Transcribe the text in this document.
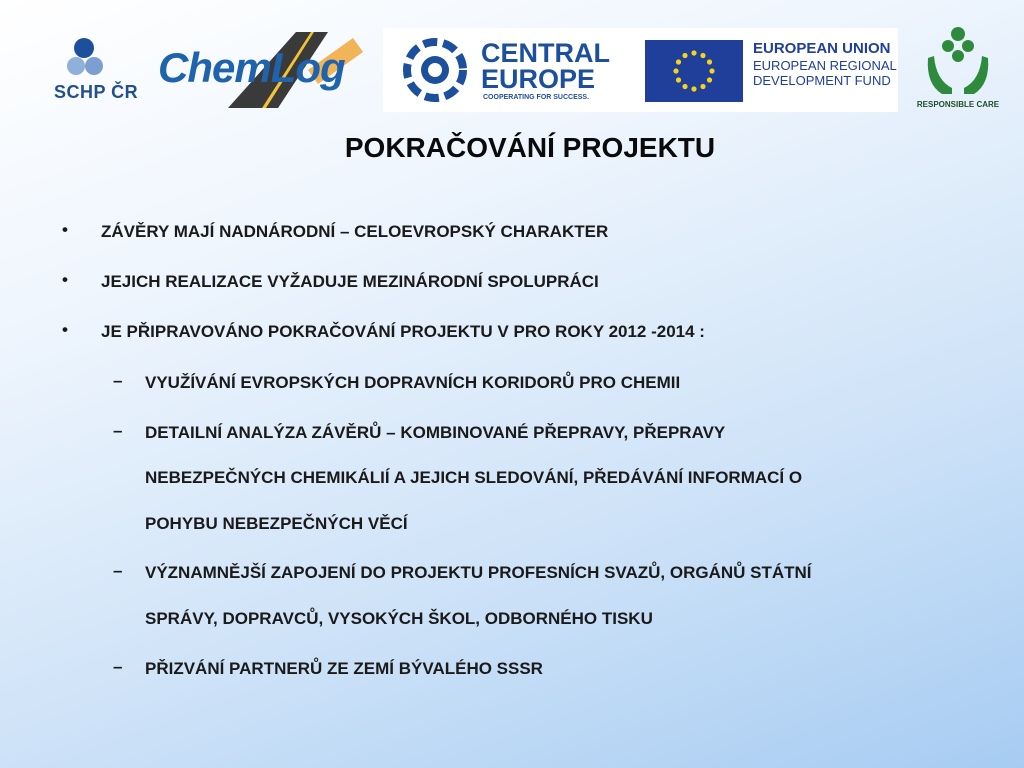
SCHP ČR
ChemLog	CENTRAL
EUROPE
COOPERATING FOR SUCCESS.
EUROPEAN UNION
EUROPEAN REGIONAL
DEVELOPMENT FUND
RESPONSIBLE CARE
POKRAČOVÁNÍ PROJEKTU
• ZÁVĚRY MAJÍ NADNÁRODNÍ – CELOEVROPSKÝ CHARAKTER
• JEJICH REALIZACE VYŽADUJE MEZINÁRODNÍ SPOLUPRÁCI
• JE PŘIPRAVOVÁNO POKRAČOVÁNÍ PROJEKTU V PRO ROKY 2012 -2014 :
– VYUŽÍVÁNÍ EVROPSKÝCH DOPRAVNÍCH KORIDORŮ PRO CHEMII
– DETAILNÍ ANALÝZA ZÁVĚRŮ – KOMBINOVANÉ PŘEPRAVY, PŘEPRAVY
NEBEZPEČNÝCH CHEMIKÁLIÍ A JEJICH SLEDOVÁNÍ, PŘEDÁVÁNÍ INFORMACÍ O
POHYBU NEBEZPEČNÝCH VĚCÍ
– VÝZNAMNĚJŠÍ ZAPOJENÍ DO PROJEKTU PROFESNÍCH SVAZŮ, ORGÁNŮ STÁTNÍ
SPRÁVY, DOPRAVCŮ, VYSOKÝCH ŠKOL, ODBORNÉHO TISKU
– PŘIZVÁNÍ PARTNERŮ ZE ZEMÍ BÝVALÉHO SSSR
